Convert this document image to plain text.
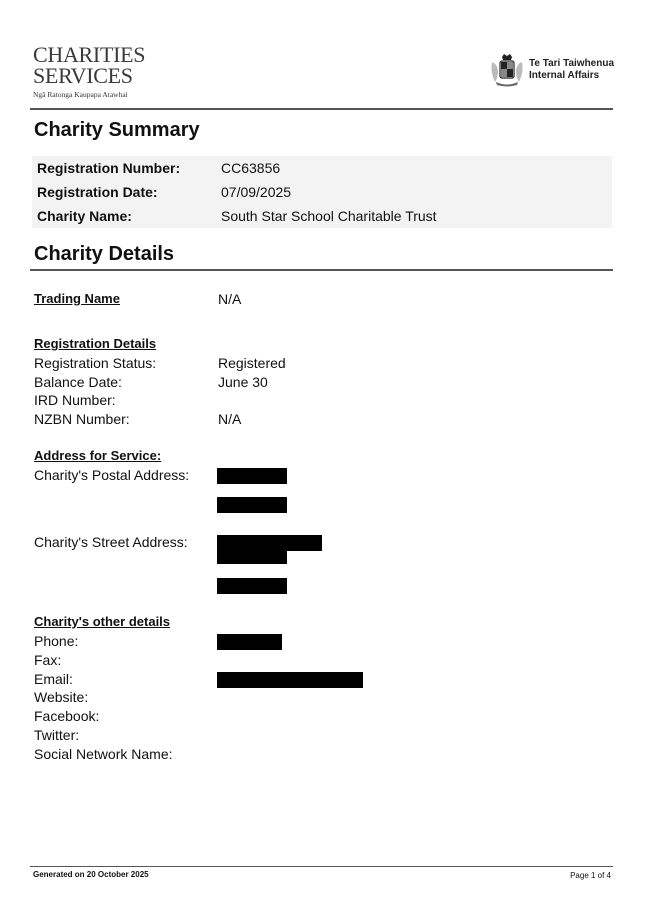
CHARITIES
SERVICES
Ngā Ratonga Kaupapa Atawhai
Te Tari Taiwhenua
Internal Affairs
Charity Summary
Registration Number:	CC63856
Registration Date:	07/09/2025
Charity Name:	South Star School Charitable Trust
Charity Details
Trading Name	N/A
Registration Details
Registration Status:	Registered
Balance Date:	June 30
IRD Number:
NZBN Number:	N/A
Address for Service:
Charity's Postal Address:
Charity's Street Address:
Charity's other details
Phone:
Fax:
Email:
Website:
Facebook:
Twitter:
Social Network Name:
Generated on 20 October 2025	Page 1 of 4
